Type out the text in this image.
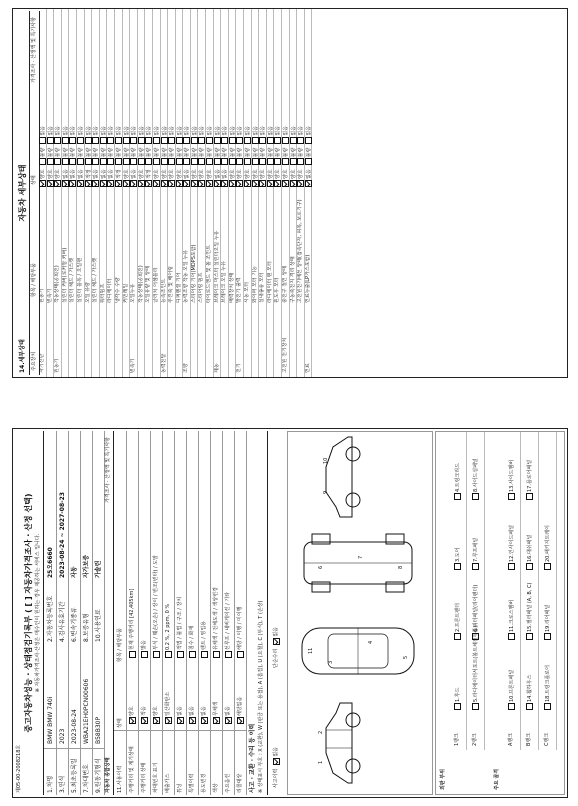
제05-00-2008218호
중고자동차성능 · 상태점검기록부 ( [ ] 자동차가격조사 · 산정 선택) ※ 자동차가격조사·산정은 매수인이 원하는 경우 제공하는 서비스 입니다.
1.차명
BMW BMW 740i
2.자동차등록번호
25오6660
3.연식
2023
4.검사유효기간
2023-08-24 ~ 2027-08-23
5.최초등록일
2023-08-24
6.변속기종류
자동
7.차대번호
WBA21EH0PCN00606
8.보증유형
자가보증
9.원동기형식
B58B30P
10.사용연료
가솔린
자동차 종합상태
가격조사 · 산정액 및 특기사항
11.사용이력
상태
항목 / 해당부품
주행거리 및 계기상태
양호
현재 주행거리 [42,405km]
주행거리 상태
적음
많음
차대번호 표기
양호
부식 / 훼손(오손) / 상이 / 변조(변타) / 도말
배출가스
일산화탄소
0.2 %, 2 ppm, 0 %
튜닝
없음
적법 / 불법 / 구조 / 장치
특별이력
없음
침수 / 화재
용도변경
없음
렌트 / 영업용
색상
무채색
유채색 / 전체도색 / 색상변경
주요옵션
없음
선루프 / 내비게이션 / 기타
리콜대상
해당없음
해당 / 이행 / 미이행
사고 · 교환 · 수리 등 이력 ※ 상태표시 부호 : X (교환), W (판금 또는 용접), A (흠집), U (요철), C (부식), T (손상) 사고이력
없음
단순수리
없음
1
2
3
4
5
6
7
8
9
10
11
외판 부위	주요 골격
1랭크
1.후드
2.프론트펜더
3.도어
4.트렁크리드
2랭크
5.라디에이터서포트(볼트체결부품)
6.쿼터패널(리어펜더)
7.루프패널
8.사이드실패널
A랭크
10.프론트패널
11.크로스멤버
12.인사이드패널
13.사이드멤버
B랭크
14.휠하우스
15.필러패널 (A, B, C)
16.대쉬패널
17.플로어패널
C랭크
18.트렁크플로어
19.리어패널
20.패키지트레이
14.세부상태
자동차 세부상태
주요장치
항목 / 해당부품
상태
가격조사 · 산정액 및 특기사항
자기진단
원동기
양호불량없음
변속기
양호불량없음
원동기
작동상태(공회전)
양호불량없음
실린더 커버(로커암 커버)
없음불량없음
실린더 헤드 / 가스켓
없음불량없음
실린더 블록 / 오일팬
없음불량없음
오일 유량
적정불량없음
실린더 헤드 / 가스켓
없음불량없음
워터펌프
없음불량없음
라디에이터
없음불량없음
냉각수 수량
적정불량없음
커먼레일
양호불량없음
변속기
오일누유
없음불량없음
작동상태(공회전)
양호불량없음
오일유량 및 상태
적정불량없음
클러치 어셈블리
양호불량없음
동력전달
등속조인트
양호불량없음
추진축 및 베어링
양호불량없음
디퍼렌셜 기어
양호불량없음
조향
동력조향 작동 오일 누유
없음불량없음
스티어링 기어(MDPS포함)
양호불량없음
스티어링 펌프
양호불량없음
타이로드엔드 및 볼 조인트
양호불량없음
제동
브레이크 마스터 실린더오일 누유
없음불량없음
브레이크 오일 누유
없음불량없음
배력장치 상태
양호불량없음
전기
발전기 출력
양호불량없음
시동 모터
양호불량없음
와이퍼 모터 기능
양호불량없음
실내송풍 모터
양호불량없음
라디에이터 팬 모터
양호불량없음
윈도우 모터
양호불량없음
고전원 전기장치
충전구 절연 상태
양호불량없음
구동축전지 격리 상태
양호불량없음
고전원전기배선 상태(접속단자, 피복, 보호기구)
양호불량없음
연료
연료누출(LP가스포함)
없음불량없음
